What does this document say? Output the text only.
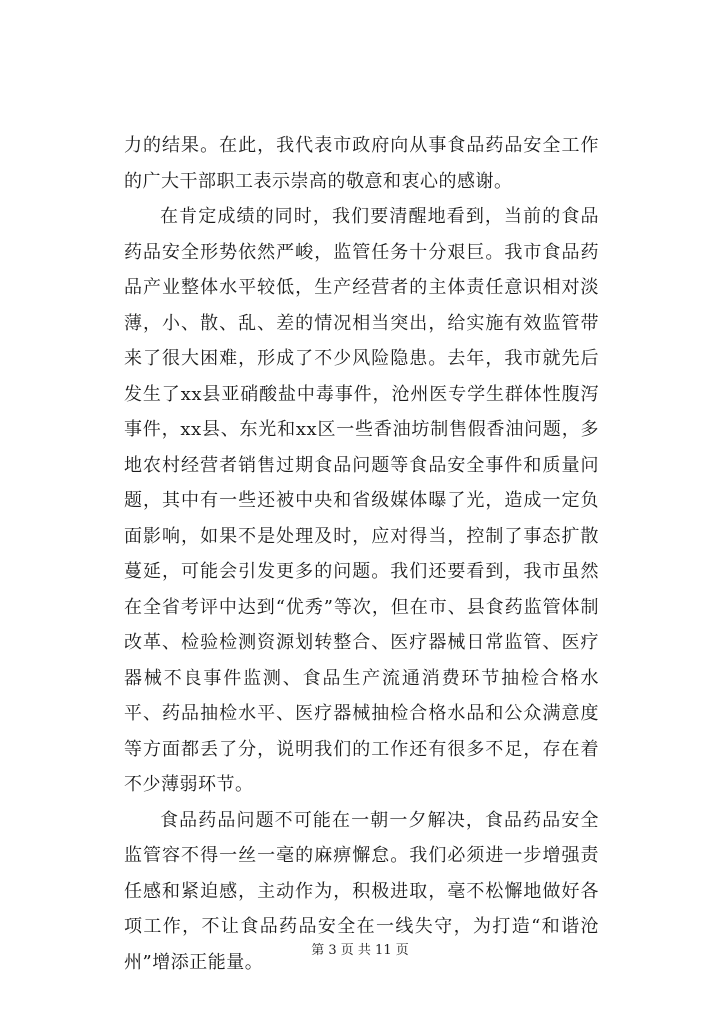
力的结果。在此，我代表市政府向从事食品药品安全工作的广大干部职工表示崇高的敬意和衷心的感谢。

在肯定成绩的同时，我们要清醒地看到，当前的食品药品安全形势依然严峻，监管任务十分艰巨。我市食品药品产业整体水平较低，生产经营者的主体责任意识相对淡薄，小、散、乱、差的情况相当突出，给实施有效监管带来了很大困难，形成了不少风险隐患。去年，我市就先后发生了xx县亚硝酸盐中毒事件，沧州医专学生群体性腹泻事件，xx县、东光和xx区一些香油坊制售假香油问题，多地农村经营者销售过期食品问题等食品安全事件和质量问题，其中有一些还被中央和省级媒体曝了光，造成一定负面影响，如果不是处理及时，应对得当，控制了事态扩散蔓延，可能会引发更多的问题。我们还要看到，我市虽然在全省考评中达到“优秀”等次，但在市、县食药监管体制改革、检验检测资源划转整合、医疗器械日常监管、医疗器械不良事件监测、食品生产流通消费环节抽检合格水平、药品抽检水平、医疗器械抽检合格水品和公众满意度等方面都丢了分，说明我们的工作还有很多不足，存在着不少薄弱环节。

食品药品问题不可能在一朝一夕解决，食品药品安全监管容不得一丝一毫的麻痹懈怠。我们必须进一步增强责任感和紧迫感，主动作为，积极进取，毫不松懈地做好各项工作，不让食品药品安全在一线失守，为打造“和谐沧州”增添正能量。

第 3 页 共 11 页
